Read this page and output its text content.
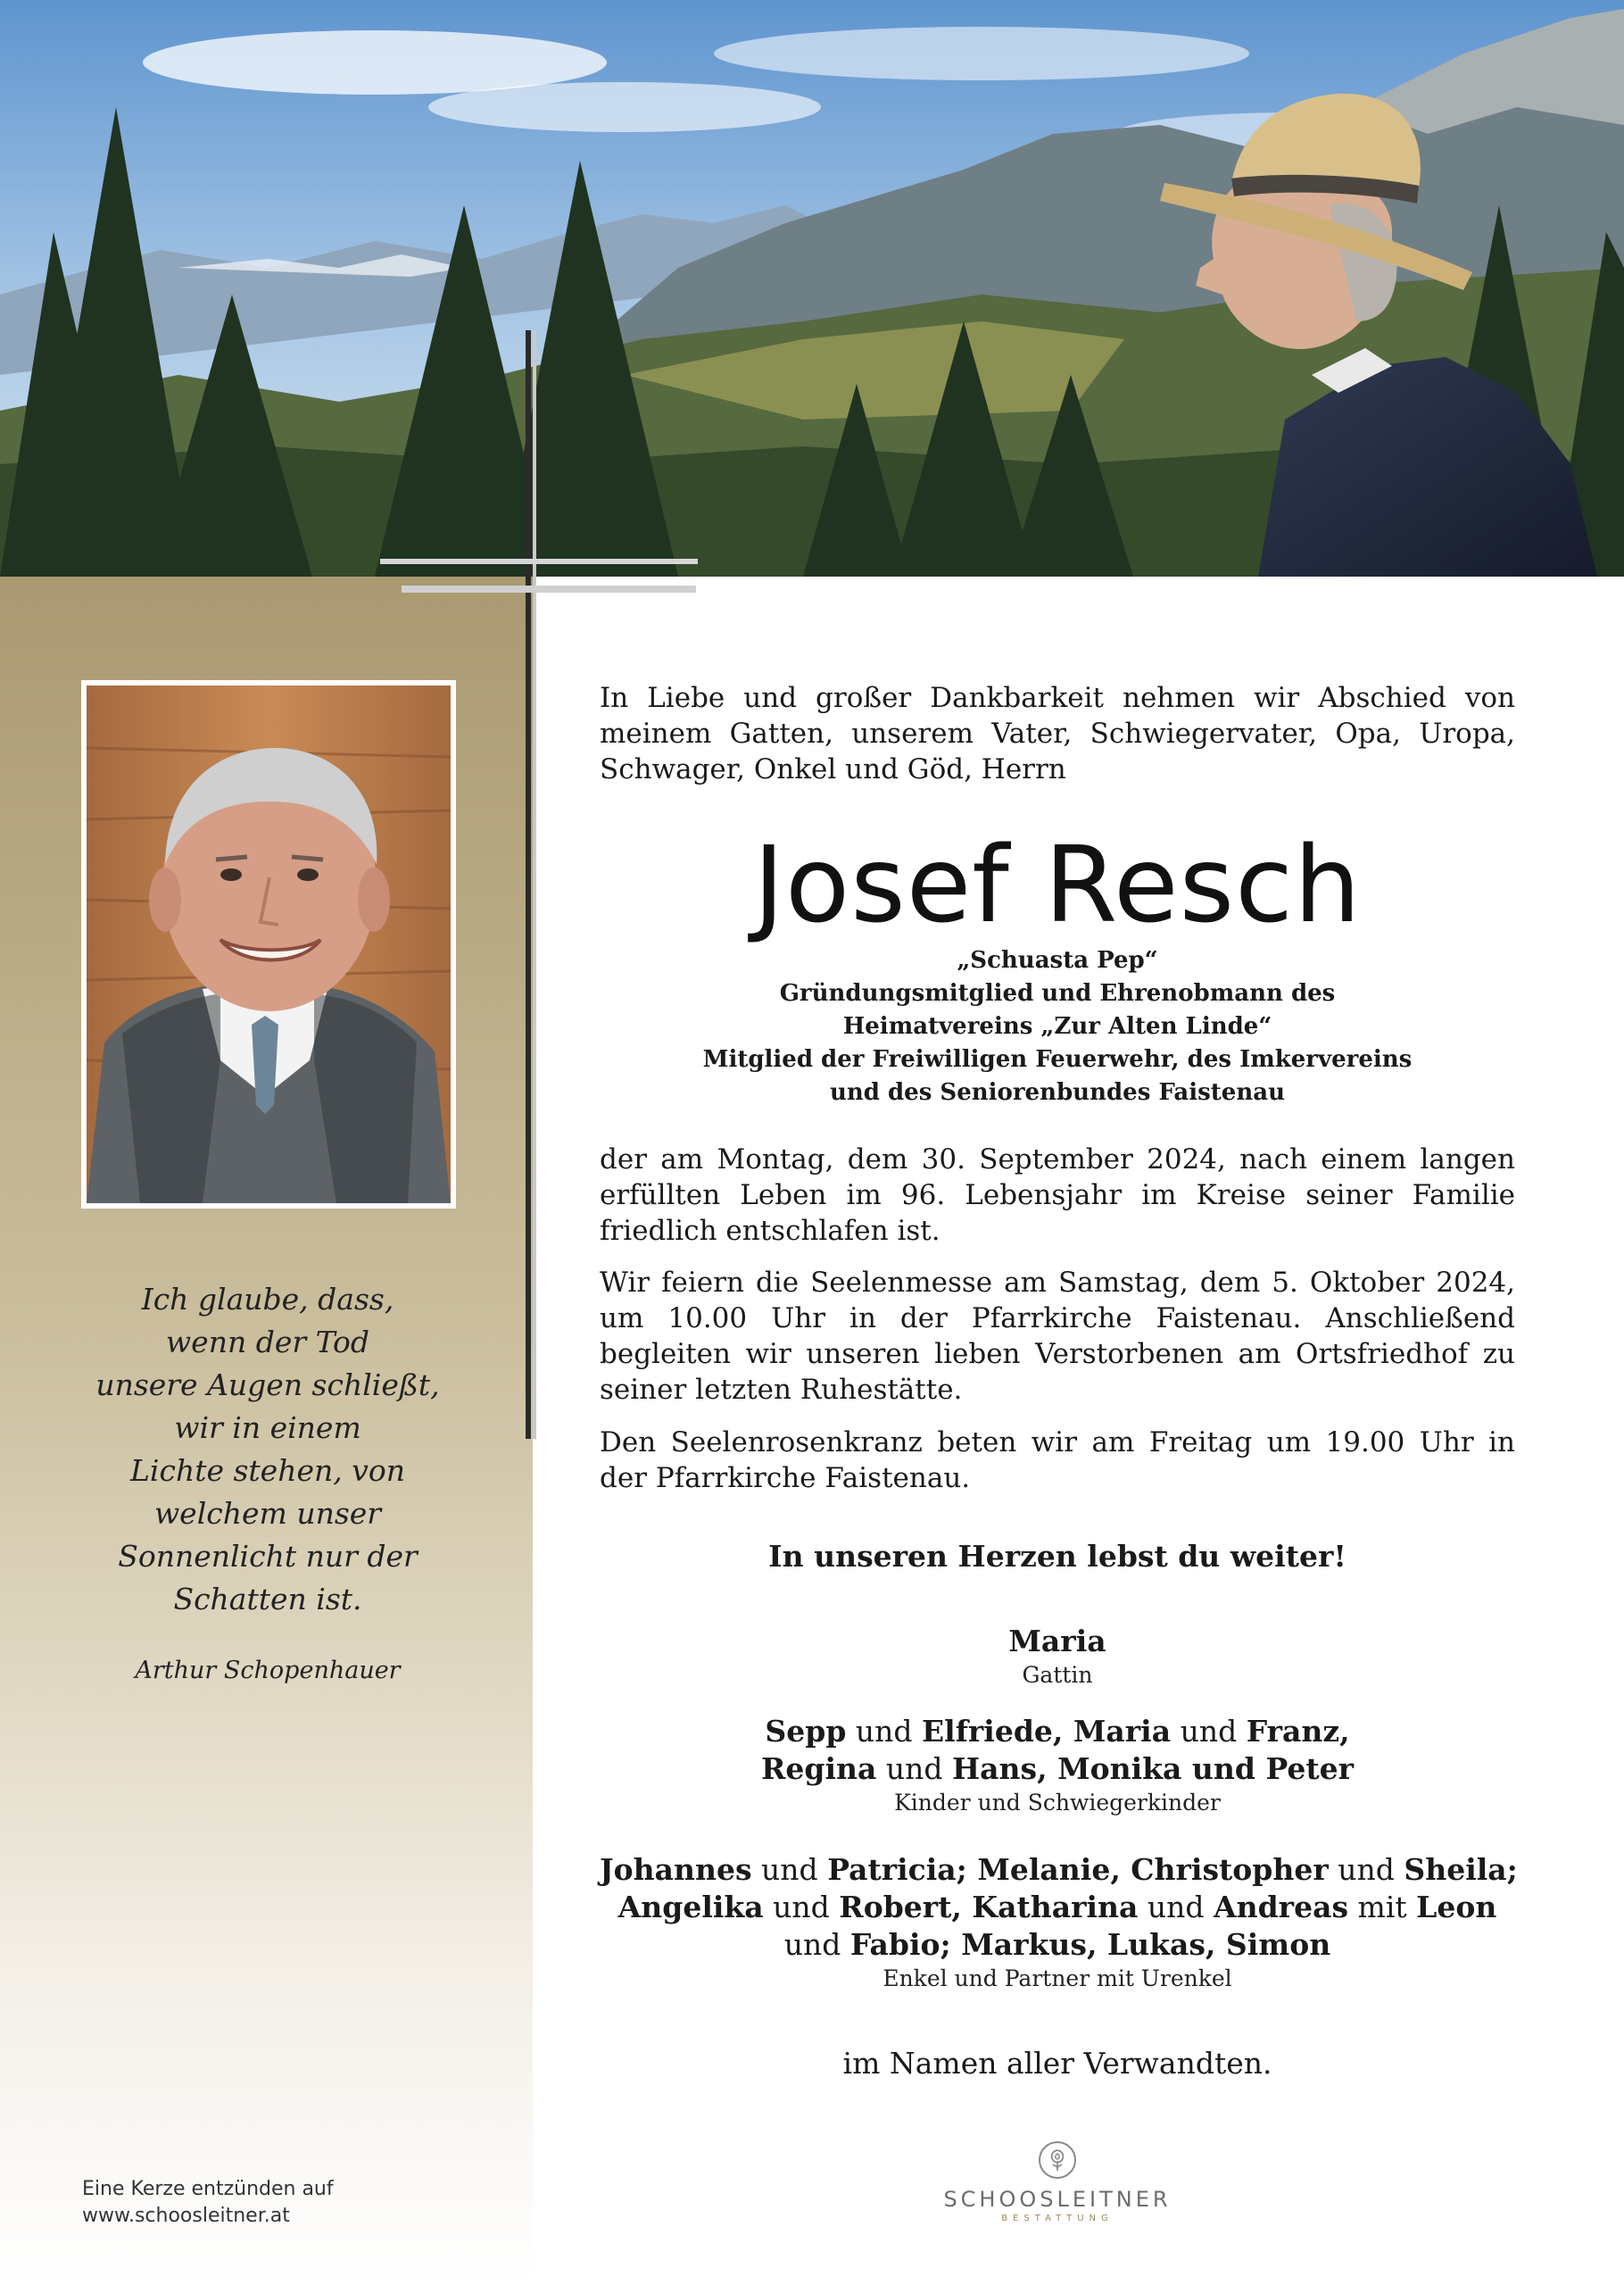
Ich glaube, dass,
wenn der Tod
unsere Augen schließt,
wir in einem
Lichte stehen, von
welchem unser
Sonnenlicht nur der
Schatten ist.
Arthur Schopenhauer
Eine Kerze entzünden auf
www.schoosleitner.at

In Liebe und großer Dankbarkeit nehmen wir Abschied von meinem Gatten, unserem Vater, Schwiegervater, Opa, Uropa, Schwager, Onkel und Göd, Herrn

Josef Resch
„Schuasta Pep“
Gründungsmitglied und Ehrenobmann des
Heimatvereins „Zur Alten Linde“
Mitglied der Freiwilligen Feuerwehr, des Imkervereins
und des Seniorenbundes Faistenau

der am Montag, dem 30. September 2024, nach einem langen erfüllten Leben im 96. Lebensjahr im Kreise seiner Familie friedlich entschlafen ist.

Wir feiern die Seelenmesse am Samstag, dem 5. Oktober 2024, um 10.00 Uhr in der Pfarrkirche Faistenau. Anschließend begleiten wir unseren lieben Verstorbenen am Ortsfriedhof zu seiner letzten Ruhestätte.

Den Seelenrosenkranz beten wir am Freitag um 19.00 Uhr in der Pfarrkirche Faistenau.

In unseren Herzen lebst du weiter!
Maria
Gattin
Sepp und Elfriede, Maria und Franz,
Regina und Hans, Monika und Peter
Kinder und Schwiegerkinder
Johannes und Patricia; Melanie, Christopher und Sheila;
Angelika und Robert, Katharina und Andreas mit Leon
und Fabio; Markus, Lukas, Simon
Enkel und Partner mit Urenkel
im Namen aller Verwandten.
SCHOOSLEITNER
BESTATTUNG
